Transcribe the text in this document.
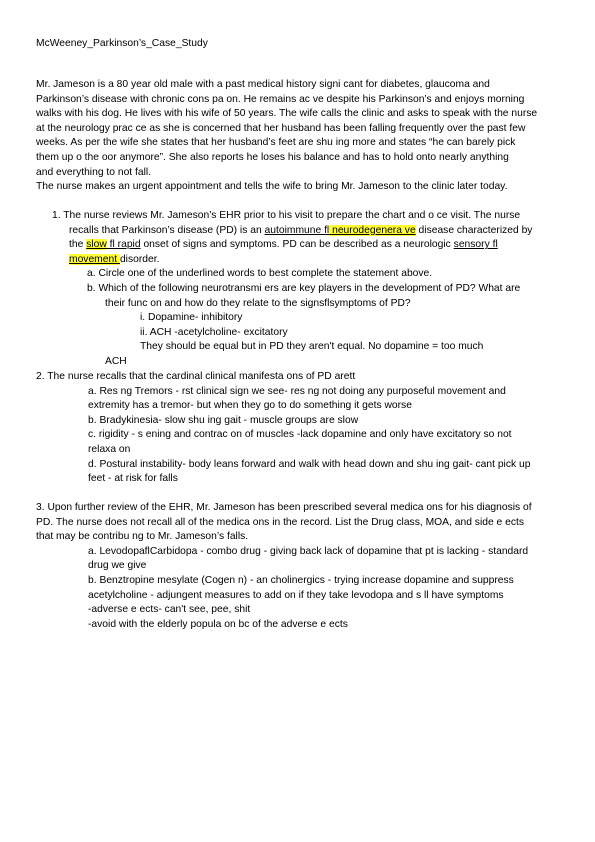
McWeeney_Parkinson’s_Case_Study

Mr. Jameson is a 80 year old male with a past medical history signi cant for diabetes, glaucoma and

Parkinson’s disease with chronic cons pa on. He remains ac ve despite his Parkinson’s and enjoys morning

walks with his dog. He lives with his wife of 50 years. The wife calls the clinic and asks to speak with the nurse

at the neurology prac ce as she is concerned that her husband has been falling frequently over the past few

weeks. As per the wife she states that her husband’s feet are shu ing more and states “he can barely pick

them up o the oor anymore”. She also reports he loses his balance and has to hold onto nearly anything

and everything to not fall.

The nurse makes an urgent appointment and tells the wife to bring Mr. Jameson to the clinic later today.

1. The nurse reviews Mr. Jameson’s EHR prior to his visit to prepare the chart and o ce visit. The nurse

recalls that Parkinson’s disease (PD) is an autoimmune fl neurodegenera ve disease characterized by

the slow fl rapid onset of signs and symptoms. PD can be described as a neurologic sensory fl

movement disorder.

a. Circle one of the underlined words to best complete the statement above.

b. Which of the following neurotransmi ers are key players in the development of PD? What are

their func on and how do they relate to the signsflsymptoms of PD?

i. Dopamine- inhibitory

ii. ACH -acetylcholine- excitatory

They should be equal but in PD they aren't equal. No dopamine = too much

ACH

2. The nurse recalls that the cardinal clinical manifesta ons of PD arett

a. Res ng Tremors - rst clinical sign we see- res ng not doing any purposeful movement and

extremity has a tremor- but when they go to do something it gets worse

b. Bradykinesia- slow shu ing gait - muscle groups are slow

c. rigidity - s ening and contrac on of muscles -lack dopamine and only have excitatory so not

relaxa on

d. Postural instability- body leans forward and walk with head down and shu ing gait- cant pick up

feet - at risk for falls

3. Upon further review of the EHR, Mr. Jameson has been prescribed several medica ons for his diagnosis of

PD. The nurse does not recall all of the medica ons in the record. List the Drug class, MOA, and side e ects

that may be contribu ng to Mr. Jameson’s falls.

a. LevodopaflCarbidopa - combo drug - giving back lack of dopamine that pt is lacking - standard

drug we give

b. Benztropine mesylate (Cogen n) - an cholinergics - trying increase dopamine and suppress

acetylcholine - adjungent measures to add on if they take levodopa and s ll have symptoms

-adverse e ects- can't see, pee, shit

-avoid with the elderly popula on bc of the adverse e ects
